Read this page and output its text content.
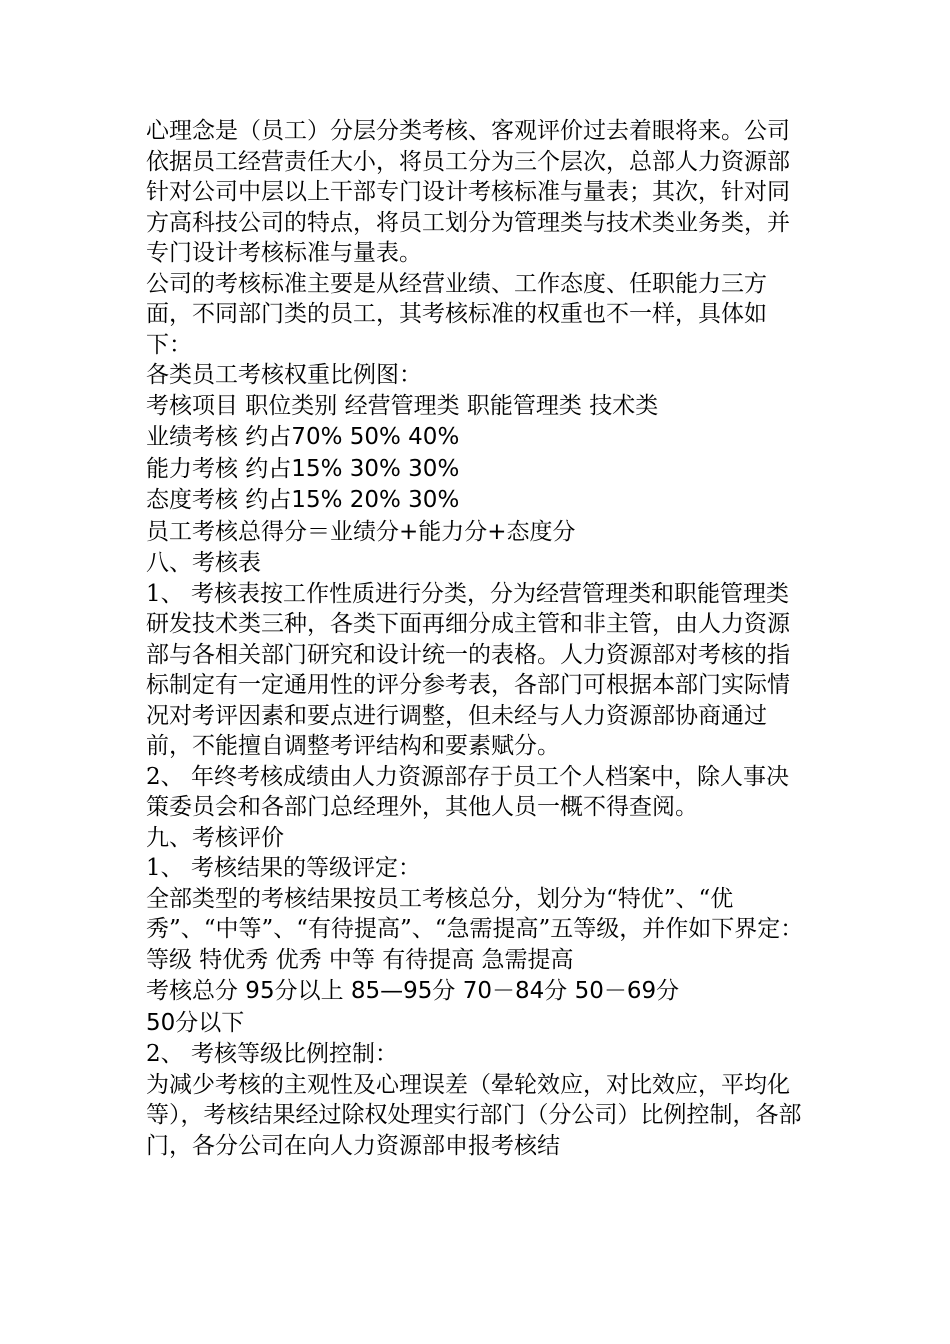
心理念是（员工）分层分类考核、客观评价过去着眼将来。公司依据员工经营责任大小，将员工分为三个层次，总部人力资源部针对公司中层以上干部专门设计考核标准与量表；其次，针对同方高科技公司的特点，将员工划分为管理类与技术类业务类，并专门设计考核标准与量表。

公司的考核标准主要是从经营业绩、工作态度、任职能力三方面，不同部门类的员工，其考核标准的权重也不一样，具体如下：

各类员工考核权重比例图：

考核项目 职位类别 经营管理类 职能管理类 技术类

业绩考核 约占70% 50% 40%

能力考核 约占15% 30% 30%

态度考核 约占15% 20% 30%

员工考核总得分＝业绩分+能力分+态度分

八、考核表

1、 考核表按工作性质进行分类，分为经营管理类和职能管理类研发技术类三种，各类下面再细分成主管和非主管，由人力资源部与各相关部门研究和设计统一的表格。人力资源部对考核的指标制定有一定通用性的评分参考表，各部门可根据本部门实际情况对考评因素和要点进行调整，但未经与人力资源部协商通过前，不能擅自调整考评结构和要素赋分。

2、 年终考核成绩由人力资源部存于员工个人档案中，除人事决策委员会和各部门总经理外，其他人员一概不得查阅。

九、考核评价

1、 考核结果的等级评定：

全部类型的考核结果按员工考核总分，划分为“特优”、“优秀”、“中等”、“有待提高”、“急需提高”五等级，并作如下界定：

等级 特优秀 优秀 中等 有待提高 急需提高

考核总分 95分以上 85—95分 70－84分 50－69分

50分以下

2、 考核等级比例控制：

为减少考核的主观性及心理误差（晕轮效应，对比效应，平均化等），考核结果经过除权处理实行部门（分公司）比例控制，各部门，各分公司在向人力资源部申报考核结
